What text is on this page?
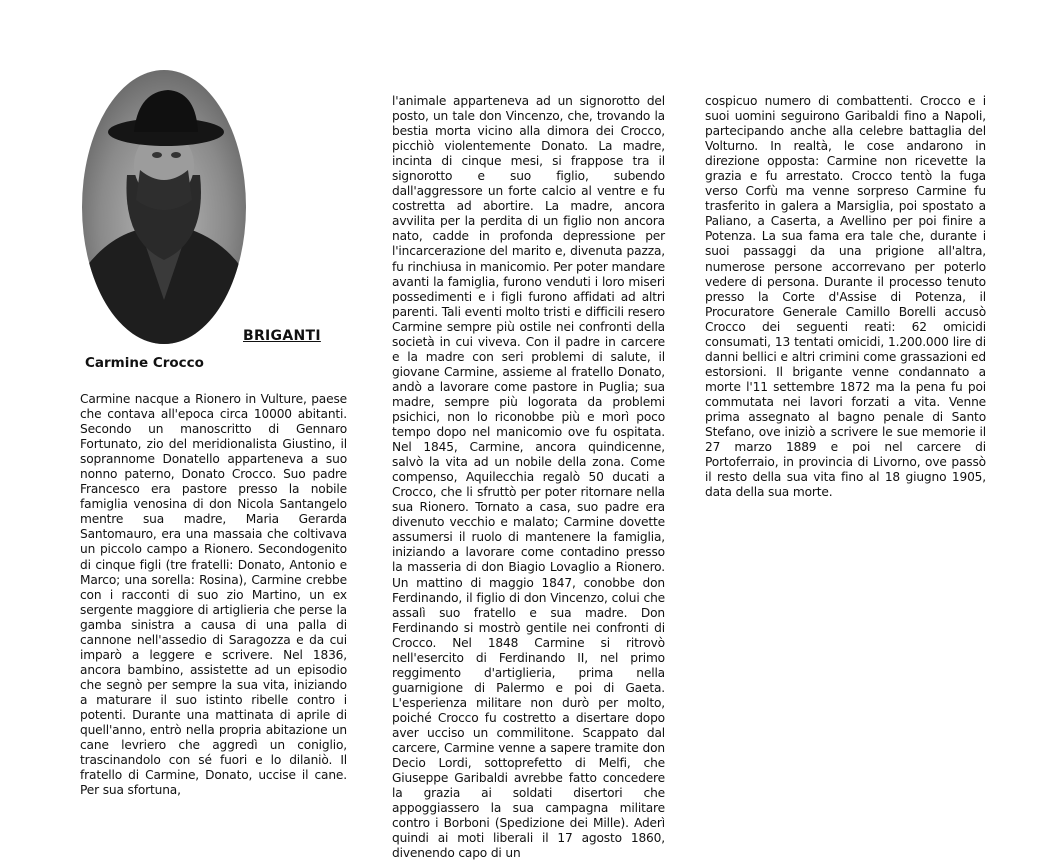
BRIGANTI
Carmine Crocco
Carmine nacque a Rionero in Vulture, paese che contava all'epoca circa 10000 abitanti. Secondo un manoscritto di Gennaro Fortunato, zio del meridionalista Giustino, il soprannome Donatello apparteneva a suo nonno paterno, Donato Crocco. Suo padre Francesco era pastore presso la nobile famiglia venosina di don Nicola Santangelo mentre sua madre, Maria Gerarda Santomauro, era una massaia che coltivava un piccolo campo a Rionero. Secondogenito di cinque figli (tre fratelli: Donato, Antonio e Marco; una sorella: Rosina), Carmine crebbe con i racconti di suo zio Martino, un ex sergente maggiore di artiglieria che perse la gamba sinistra a causa di una palla di cannone nell'assedio di Saragozza e da cui imparò a leggere e scrivere. Nel 1836, ancora bambino, assistette ad un episodio che segnò per sempre la sua vita, iniziando a maturare il suo istinto ribelle contro i potenti. Durante una mattinata di aprile di quell'anno, entrò nella propria abitazione un cane levriero che aggredì un coniglio, trascinandolo con sé fuori e lo dilaniò. Il fratello di Carmine, Donato, uccise il cane. Per sua sfortuna,
l'animale apparteneva ad un signorotto del posto, un tale don Vincenzo, che, trovando la bestia morta vicino alla dimora dei Crocco, picchiò violentemente Donato. La madre, incinta di cinque mesi, si frappose tra il signorotto e suo figlio, subendo dall'aggressore un forte calcio al ventre e fu costretta ad abortire. La madre, ancora avvilita per la perdita di un figlio non ancora nato, cadde in profonda depressione per l'incarcerazione del marito e, divenuta pazza, fu rinchiusa in manicomio. Per poter mandare avanti la famiglia, furono venduti i loro miseri possedimenti e i figli furono affidati ad altri parenti. Tali eventi molto tristi e difficili resero Carmine sempre più ostile nei confronti della società in cui viveva. Con il padre in carcere e la madre con seri problemi di salute, il giovane Carmine, assieme al fratello Donato, andò a lavorare come pastore in Puglia; sua madre, sempre più logorata da problemi psichici, non lo riconobbe più e morì poco tempo dopo nel manicomio ove fu ospitata. Nel 1845, Carmine, ancora quindicenne, salvò la vita ad un nobile della zona. Come compenso, Aquilecchia regalò 50 ducati a Crocco, che li sfruttò per poter ritornare nella sua Rionero. Tornato a casa, suo padre era divenuto vecchio e malato; Carmine dovette assumersi il ruolo di mantenere la famiglia, iniziando a lavorare come contadino presso la masseria di don Biagio Lovaglio a Rionero. Un mattino di maggio 1847, conobbe don Ferdinando, il figlio di don Vincenzo, colui che assalì suo fratello e sua madre. Don Ferdinando si mostrò gentile nei confronti di Crocco. Nel 1848 Carmine si ritrovò nell'esercito di Ferdinando II, nel primo reggimento d'artiglieria, prima nella guarnigione di Palermo e poi di Gaeta. L'esperienza militare non durò per molto, poiché Crocco fu costretto a disertare dopo aver ucciso un commilitone. Scappato dal carcere, Carmine venne a sapere tramite don Decio Lordi, sottoprefetto di Melfi, che Giuseppe Garibaldi avrebbe fatto concedere la grazia ai soldati disertori che appoggiassero la sua campagna militare contro i Borboni (Spedizione dei Mille). Aderì quindi ai moti liberali il 17 agosto 1860, divenendo capo di un
cospicuo numero di combattenti. Crocco e i suoi uomini seguirono Garibaldi fino a Napoli, partecipando anche alla celebre battaglia del Volturno. In realtà, le cose andarono in direzione opposta: Carmine non ricevette la grazia e fu arrestato. Crocco tentò la fuga verso Corfù ma venne sorpreso Carmine fu trasferito in galera a Marsiglia, poi spostato a Paliano, a Caserta, a Avellino per poi finire a Potenza. La sua fama era tale che, durante i suoi passaggi da una prigione all'altra, numerose persone accorrevano per poterlo vedere di persona. Durante il processo tenuto presso la Corte d'Assise di Potenza, il Procuratore Generale Camillo Borelli accusò Crocco dei seguenti reati: 62 omicidi consumati, 13 tentati omicidi, 1.200.000 lire di danni bellici e altri crimini come grassazioni ed estorsioni. Il brigante venne condannato a morte l'11 settembre 1872 ma la pena fu poi commutata nei lavori forzati a vita. Venne prima assegnato al bagno penale di Santo Stefano, ove iniziò a scrivere le sue memorie il 27 marzo 1889 e poi nel carcere di Portoferraio, in provincia di Livorno, ove passò il resto della sua vita fino al 18 giugno 1905, data della sua morte.
